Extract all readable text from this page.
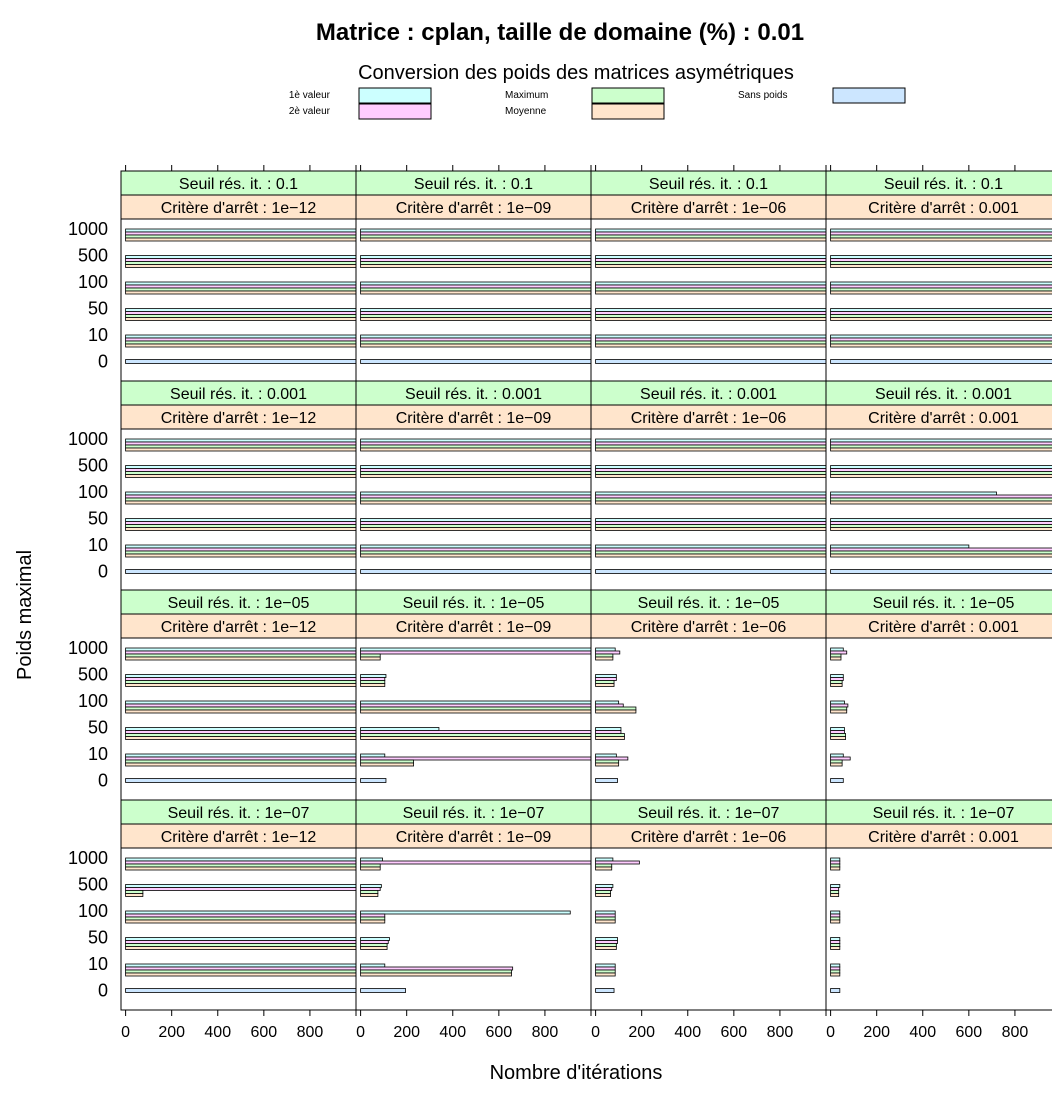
Matrice : cplan, taille de domaine (%) : 0.01
Conversion des poids des matrices asymétriques
1è valeur
2è valeur
Maximum
Moyenne
Sans poids
Seuil rés. it. : 0.1
Critère d'arrêt : 1e−12
Seuil rés. it. : 0.1
Critère d'arrêt : 1e−09
Seuil rés. it. : 0.1
Critère d'arrêt : 1e−06
Seuil rés. it. : 0.1
Critère d'arrêt : 0.001
Seuil rés. it. : 0.001
Critère d'arrêt : 1e−12
Seuil rés. it. : 0.001
Critère d'arrêt : 1e−09
Seuil rés. it. : 0.001
Critère d'arrêt : 1e−06
Seuil rés. it. : 0.001
Critère d'arrêt : 0.001
Seuil rés. it. : 1e−05
Critère d'arrêt : 1e−12
Seuil rés. it. : 1e−05
Critère d'arrêt : 1e−09
Seuil rés. it. : 1e−05
Critère d'arrêt : 1e−06
Seuil rés. it. : 1e−05
Critère d'arrêt : 0.001
Seuil rés. it. : 1e−07
Critère d'arrêt : 1e−12
Seuil rés. it. : 1e−07
Critère d'arrêt : 1e−09
Seuil rés. it. : 1e−07
Critère d'arrêt : 1e−06
Seuil rés. it. : 1e−07
Critère d'arrêt : 0.001
1000
500
100
50
10
0
1000
500
100
50
10
0
1000
500
100
50
10
0
1000
500
100
50
10
0
0 200 400 600 800 0 200 400 600 800 0 200 400 600 800 0 200 400 600 800
Nombre d'itérations
Poids maximal
